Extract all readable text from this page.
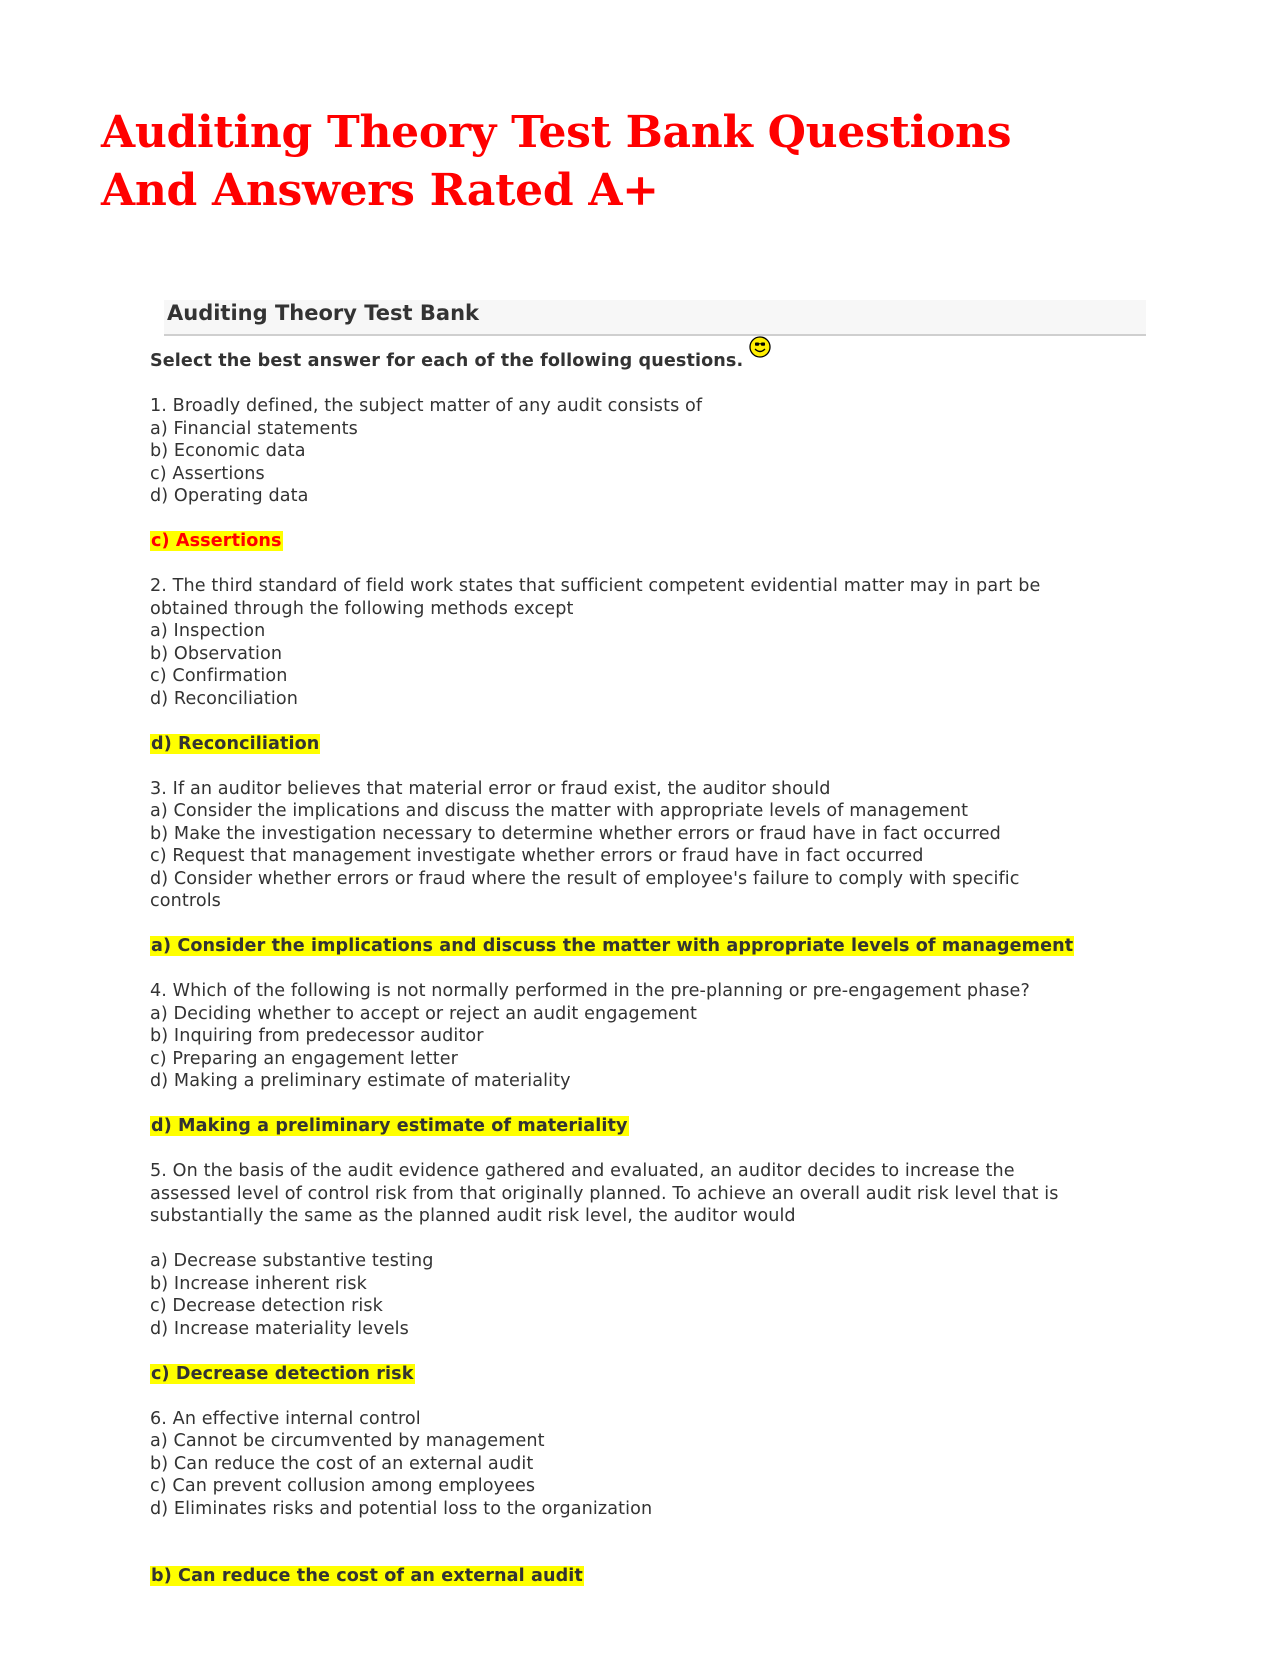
Auditing Theory Test Bank Questions And Answers Rated A+
Auditing Theory Test Bank
Select the best answer for each of the following questions.
1. Broadly defined, the subject matter of any audit consists of
a) Financial statements
b) Economic data
c) Assertions
d) Operating data
c) Assertions
2. The third standard of field work states that sufficient competent evidential matter may in part be
obtained through the following methods except
a) Inspection
b) Observation
c) Confirmation
d) Reconciliation
d) Reconciliation
3. If an auditor believes that material error or fraud exist, the auditor should
a) Consider the implications and discuss the matter with appropriate levels of management
b) Make the investigation necessary to determine whether errors or fraud have in fact occurred
c) Request that management investigate whether errors or fraud have in fact occurred
d) Consider whether errors or fraud where the result of employee's failure to comply with specific
controls
a) Consider the implications and discuss the matter with appropriate levels of management
4. Which of the following is not normally performed in the pre-planning or pre-engagement phase?
a) Deciding whether to accept or reject an audit engagement
b) Inquiring from predecessor auditor
c) Preparing an engagement letter
d) Making a preliminary estimate of materiality
d) Making a preliminary estimate of materiality
5. On the basis of the audit evidence gathered and evaluated, an auditor decides to increase the
assessed level of control risk from that originally planned. To achieve an overall audit risk level that is
substantially the same as the planned audit risk level, the auditor would
a) Decrease substantive testing
b) Increase inherent risk
c) Decrease detection risk
d) Increase materiality levels
c) Decrease detection risk
6. An effective internal control
a) Cannot be circumvented by management
b) Can reduce the cost of an external audit
c) Can prevent collusion among employees
d) Eliminates risks and potential loss to the organization
b) Can reduce the cost of an external audit
